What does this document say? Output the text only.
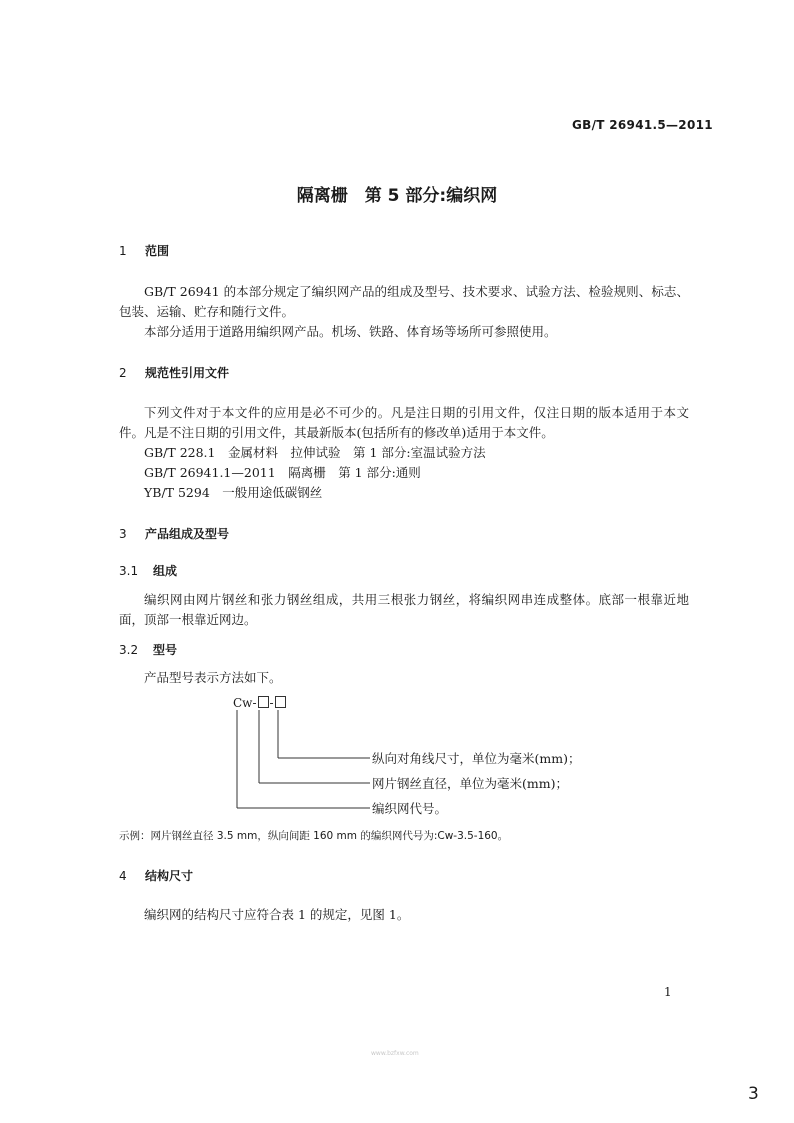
GB/T 26941.5—2011
隔离栅　第 5 部分:编织网
1 范围
GB/T 26941 的本部分规定了编织网产品的组成及型号、技术要求、试验方法、检验规则、标志、包装、运输、贮存和随行文件。
本部分适用于道路用编织网产品。机场、铁路、体育场等场所可参照使用。
2 规范性引用文件
下列文件对于本文件的应用是必不可少的。凡是注日期的引用文件，仅注日期的版本适用于本文件。凡是不注日期的引用文件，其最新版本(包括所有的修改单)适用于本文件。
GB/T 228.1　金属材料　拉伸试验　第 1 部分:室温试验方法
GB/T 26941.1—2011　隔离栅　第 1 部分:通则
YB/T 5294　一般用途低碳钢丝
3 产品组成及型号
3.1 组成
编织网由网片钢丝和张力钢丝组成，共用三根张力钢丝，将编织网串连成整体。底部一根靠近地面，顶部一根靠近网边。
3.2 型号
产品型号表示方法如下。
Cw- -
纵向对角线尺寸，单位为毫米(mm)；
网片钢丝直径，单位为毫米(mm)；
编织网代号。
示例：网片钢丝直径 3.5 mm，纵向间距 160 mm 的编织网代号为:Cw-3.5-160。
4 结构尺寸
编织网的结构尺寸应符合表 1 的规定，见图 1。
1
www.bzfxw.com
3
